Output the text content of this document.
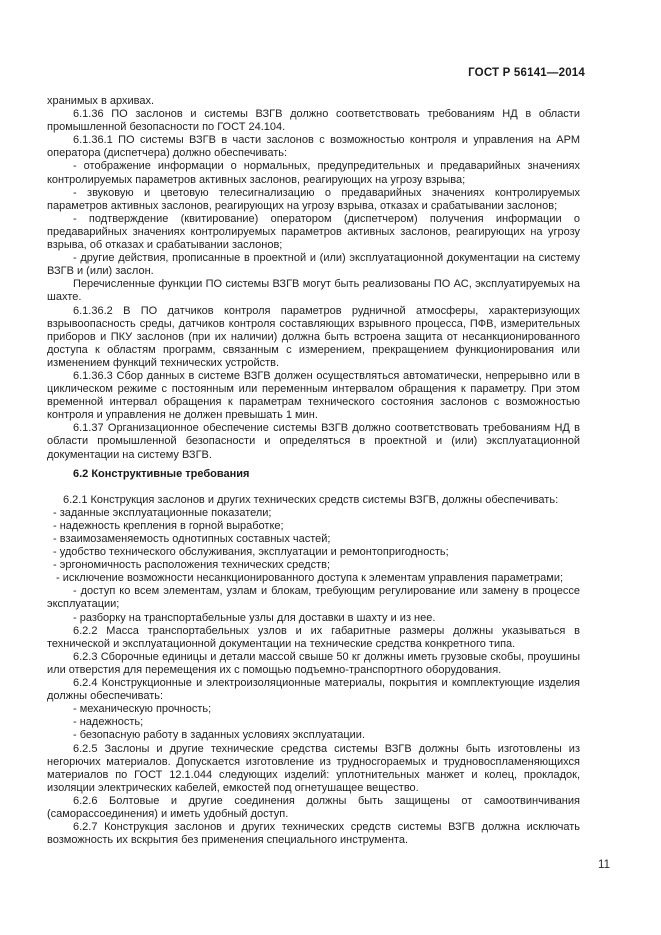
ГОСТ Р 56141—2014

хранимых в архивах.

6.1.36 ПО заслонов и системы ВЗГВ должно соответствовать требованиям НД в области промышленной безопасности по ГОСТ 24.104.

6.1.36.1 ПО системы ВЗГВ в части заслонов с возможностью контроля и управления на АРМ оператора (диспетчера) должно обеспечивать:

- отображение информации о нормальных, предупредительных и предаварийных значениях контролируемых параметров активных заслонов, реагирующих на угрозу взрыва;

- звуковую и цветовую телесигнализацию о предаварийных значениях контролируемых параметров активных заслонов, реагирующих на угрозу взрыва, отказах и срабатывании заслонов;

- подтверждение (квитирование) оператором (диспетчером) получения информации о предаварийных значениях контролируемых параметров активных заслонов, реагирующих на угрозу взрыва, об отказах и срабатывании заслонов;

- другие действия, прописанные в проектной и (или) эксплуатационной документации на систему ВЗГВ и (или) заслон.

Перечисленные функции ПО системы ВЗГВ могут быть реализованы ПО АС, эксплуатируемых на шахте.

6.1.36.2 В ПО датчиков контроля параметров рудничной атмосферы, характеризующих взрывоопасность среды, датчиков контроля составляющих взрывного процесса, ПФВ, измерительных приборов и ПКУ заслонов (при их наличии) должна быть встроена защита от несанкционированного доступа к областям программ, связанным с измерением, прекращением функционирования или изменением функций технических устройств.

6.1.36.3 Сбор данных в системе ВЗГВ должен осуществляться автоматически, непрерывно или в циклическом режиме с постоянным или переменным интервалом обращения к параметру. При этом временной интервал обращения к параметрам технического состояния заслонов с возможностью контроля и управления не должен превышать 1 мин.

6.1.37 Организационное обеспечение системы ВЗГВ должно соответствовать требованиям НД в области промышленной безопасности и определяться в проектной и (или) эксплуатационной документации на систему ВЗГВ.

6.2 Конструктивные требования

6.2.1 Конструкция заслонов и других технических средств системы ВЗГВ, должны обеспечивать:

- заданные эксплуатационные показатели;

- надежность крепления в горной выработке;

- взаимозаменяемость однотипных составных частей;

- удобство технического обслуживания, эксплуатации и ремонтопригодность;

- эргономичность расположения технических средств;

- исключение возможности несанкционированного доступа к элементам управления параметрами;

- доступ ко всем элементам, узлам и блокам, требующим регулирование или замену в процессе эксплуатации;

- разборку на транспортабельные узлы для доставки в шахту и из нее.

6.2.2 Масса транспортабельных узлов и их габаритные размеры должны указываться в технической и эксплуатационной документации на технические средства конкретного типа.

6.2.3 Сборочные единицы и детали массой свыше 50 кг должны иметь грузовые скобы, проушины или отверстия для перемещения их с помощью подъемно-транспортного оборудования.

6.2.4 Конструкционные и электроизоляционные материалы, покрытия и комплектующие изделия должны обеспечивать:

- механическую прочность;

- надежность;

- безопасную работу в заданных условиях эксплуатации.

6.2.5 Заслоны и другие технические средства системы ВЗГВ должны быть изготовлены из негорючих материалов. Допускается изготовление из трудносгораемых и трудновоспламеняющихся материалов по ГОСТ 12.1.044 следующих изделий: уплотнительных манжет и колец, прокладок, изоляции электрических кабелей, емкостей под огнетушащее вещество.

6.2.6 Болтовые и другие соединения должны быть защищены от самоотвинчивания (саморассоединения) и иметь удобный доступ.

6.2.7 Конструкция заслонов и других технических средств системы ВЗГВ должна исключать возможность их вскрытия без применения специального инструмента.

11
